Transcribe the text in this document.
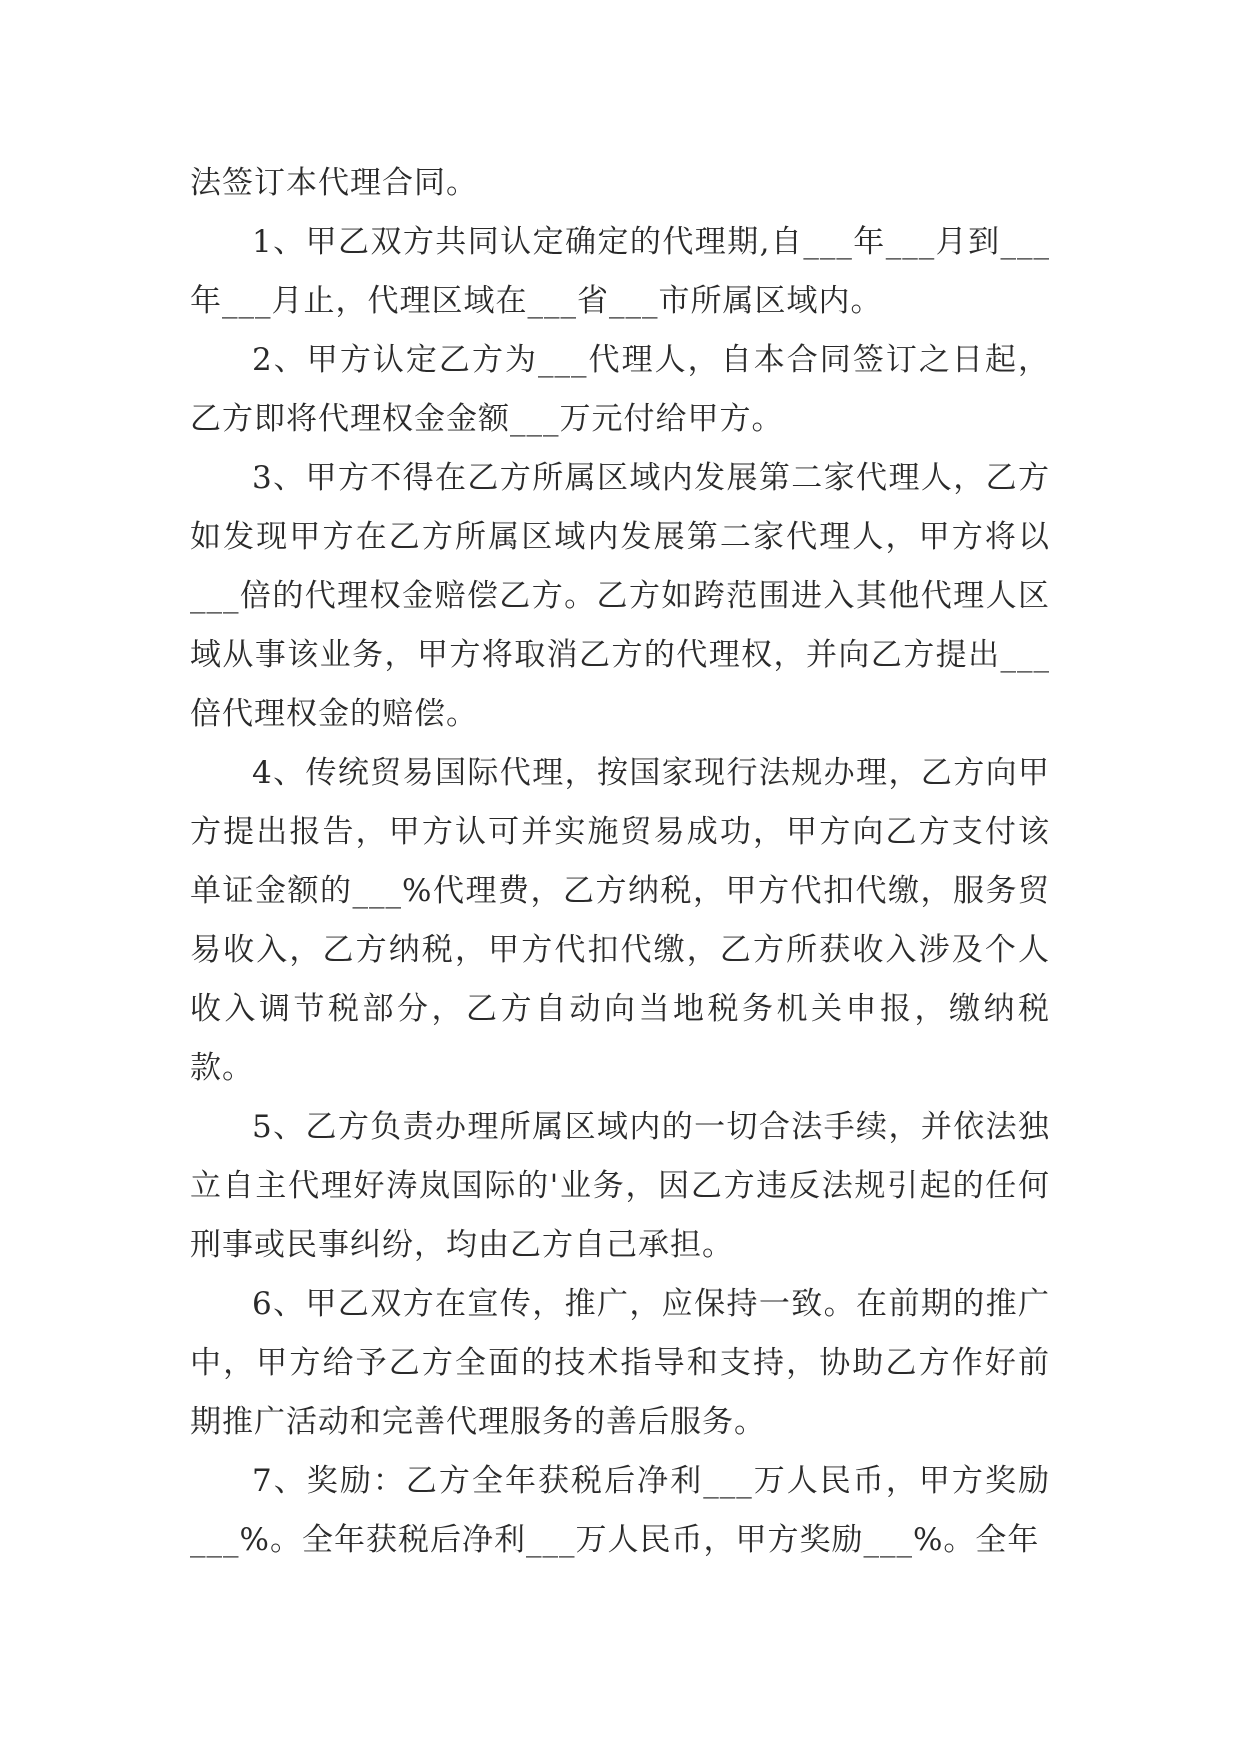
法签订本代理合同。

1、甲乙双方共同认定确定的代理期,自___年___月到___年___月止，代理区域在___省___市所属区域内。

2、甲方认定乙方为___代理人，自本合同签订之日起，乙方即将代理权金金额___万元付给甲方。

3、甲方不得在乙方所属区域内发展第二家代理人，乙方如发现甲方在乙方所属区域内发展第二家代理人，甲方将以___倍的代理权金赔偿乙方。乙方如跨范围进入其他代理人区域从事该业务，甲方将取消乙方的代理权，并向乙方提出___倍代理权金的赔偿。

4、传统贸易国际代理，按国家现行法规办理，乙方向甲方提出报告，甲方认可并实施贸易成功，甲方向乙方支付该单证金额的___%代理费，乙方纳税，甲方代扣代缴，服务贸易收入，乙方纳税，甲方代扣代缴，乙方所获收入涉及个人收入调节税部分，乙方自动向当地税务机关申报，缴纳税款。

5、乙方负责办理所属区域内的一切合法手续，并依法独立自主代理好涛岚国际的'业务，因乙方违反法规引起的任何刑事或民事纠纷，均由乙方自己承担。

6、甲乙双方在宣传，推广，应保持一致。在前期的推广中，甲方给予乙方全面的技术指导和支持，协助乙方作好前期推广活动和完善代理服务的善后服务。

7、奖励：乙方全年获税后净利___万人民币，甲方奖励___%。全年获税后净利___万人民币，甲方奖励___%。全年
